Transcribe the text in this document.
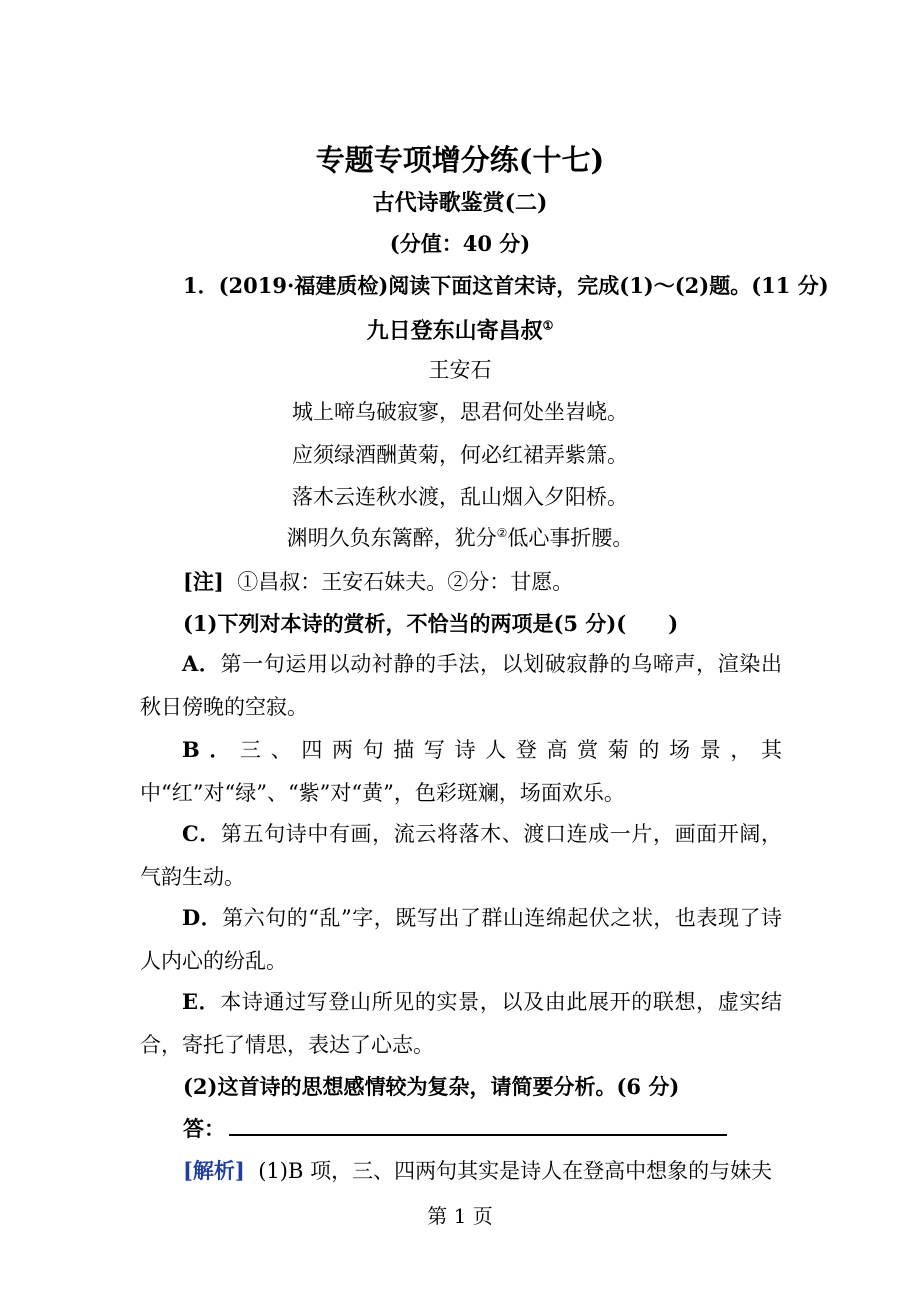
专题专项增分练(十七)
古代诗歌鉴赏(二)
(分值：40 分)
1．(2019·福建质检)阅读下面这首宋诗，完成(1)～(2)题。(11 分)
九日登东山寄昌叔①
王安石
城上啼乌破寂寥，思君何处坐岧峣。
应须绿酒酬黄菊，何必红裙弄紫箫。
落木云连秋水渡，乱山烟入夕阳桥。
渊明久负东篱醉，犹分②低心事折腰。
[注] ①昌叔：王安石妹夫。②分：甘愿。
(1)下列对本诗的赏析，不恰当的两项是(5 分)(　　)
A．第一句运用以动衬静的手法，以划破寂静的乌啼声，渲染出秋日傍晚的空寂。
B．三、四两句描写诗人登高赏菊的场景，其中“红”对“绿”、“紫”对“黄”，色彩斑斓，场面欢乐。
C．第五句诗中有画，流云将落木、渡口连成一片，画面开阔，气韵生动。
D．第六句的“乱”字，既写出了群山连绵起伏之状，也表现了诗人内心的纷乱。
E．本诗通过写登山所见的实景，以及由此展开的联想，虚实结合，寄托了情思，表达了心志。
(2)这首诗的思想感情较为复杂，请简要分析。(6 分)
答：
[解析] (1)B 项，三、四两句其实是诗人在登高中想象的与妹夫
第 1 页
